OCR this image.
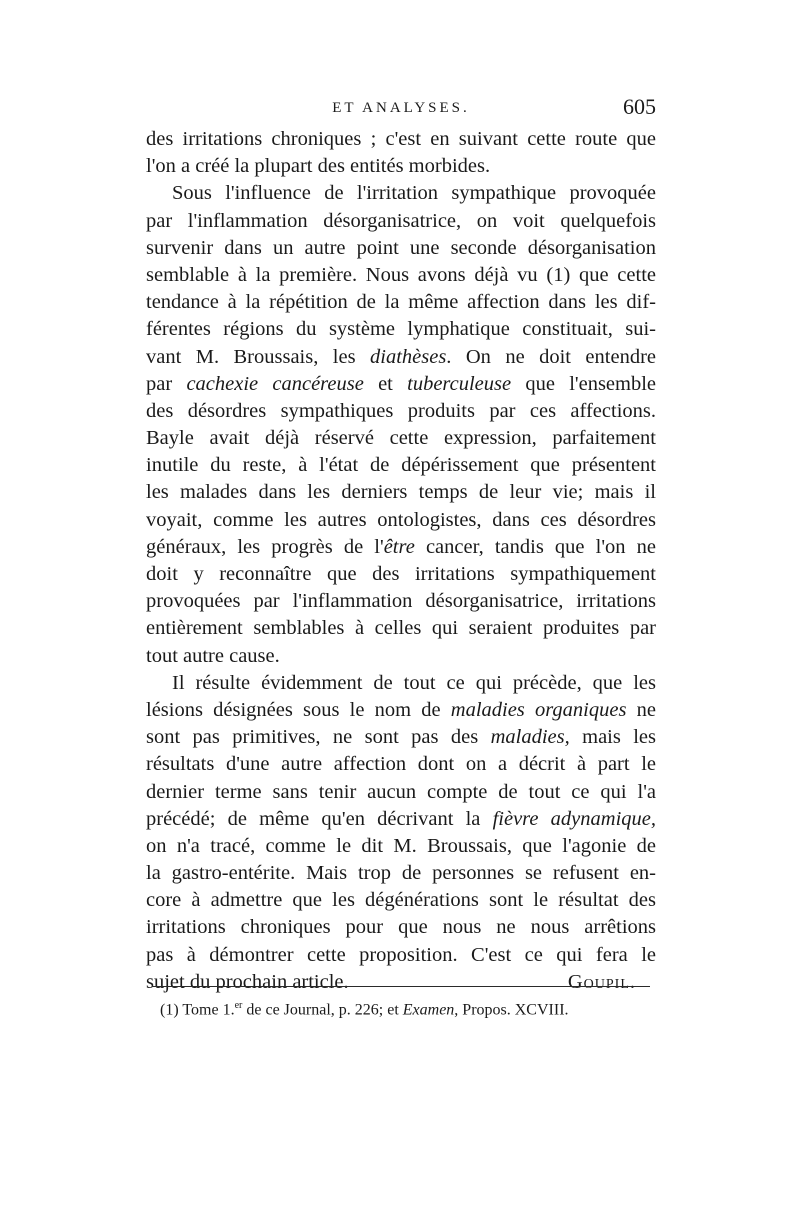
ET ANALYSES.	605
des irritations chroniques ; c'est en suivant cette route que
l'on a créé la plupart des entités morbides.
Sous l'influence de l'irritation sympathique provoquée
par l'inflammation désorganisatrice, on voit quelquefois
survenir dans un autre point une seconde désorganisation
semblable à la première. Nous avons déjà vu (1) que cette
tendance à la répétition de la même affection dans les dif-
férentes régions du système lymphatique constituait, sui-
vant M. Broussais, les diathèses. On ne doit entendre
par cachexie cancéreuse et tuberculeuse que l'ensemble
des désordres sympathiques produits par ces affections.
Bayle avait déjà réservé cette expression, parfaitement
inutile du reste, à l'état de dépérissement que présentent
les malades dans les derniers temps de leur vie; mais il
voyait, comme les autres ontologistes, dans ces désordres
généraux, les progrès de l'être cancer, tandis que l'on ne
doit y reconnaître que des irritations sympathiquement
provoquées par l'inflammation désorganisatrice, irritations
entièrement semblables à celles qui seraient produites par
tout autre cause.
Il résulte évidemment de tout ce qui précède, que les
lésions désignées sous le nom de maladies organiques ne
sont pas primitives, ne sont pas des maladies, mais les
résultats d'une autre affection dont on a décrit à part le
dernier terme sans tenir aucun compte de tout ce qui l'a
précédé; de même qu'en décrivant la fièvre adynamique,
on n'a tracé, comme le dit M. Broussais, que l'agonie de
la gastro-entérite. Mais trop de personnes se refusent en-
core à admettre que les dégénérations sont le résultat des
irritations chroniques pour que nous ne nous arrêtions
pas à démontrer cette proposition. C'est ce qui fera le
sujet du prochain article.	Goupil.
(1) Tome 1.$^{er}$ de ce Journal, p. 226; et Examen, Propos. XCVIII.
